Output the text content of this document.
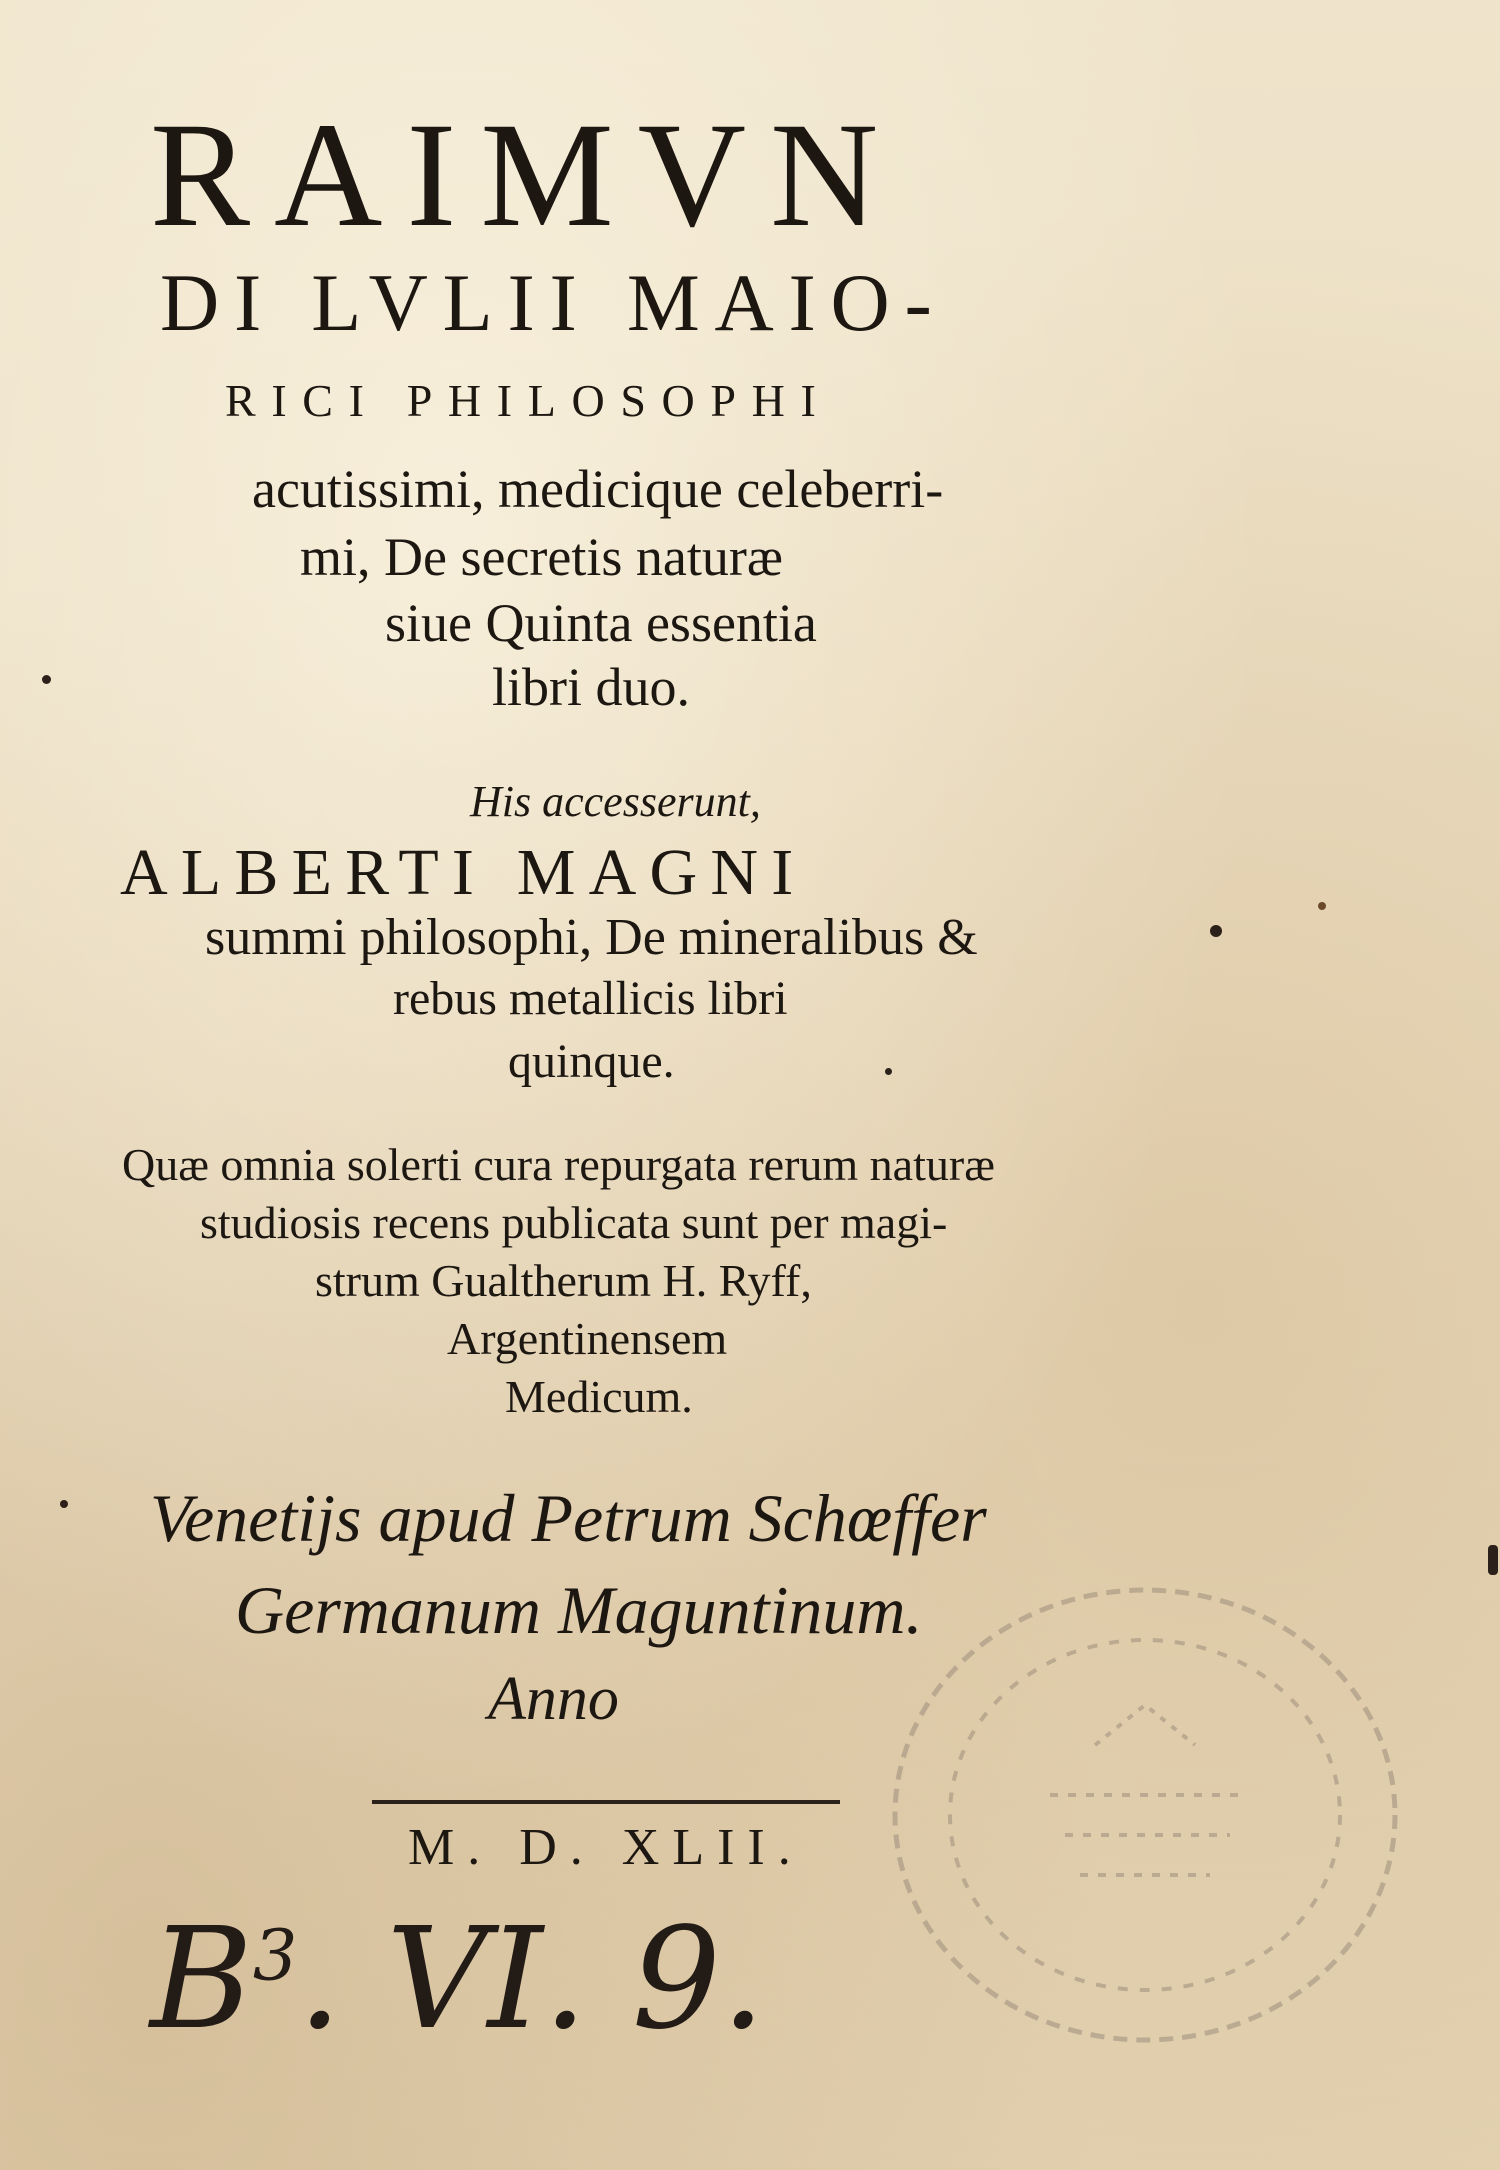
RAIMVN
DI LVLII MAIO-
RICI PHILOSOPHI
acutissimi, medicique celeberri-
mi, De secretis naturæ
siue Quinta essentia
libri duo.
His accesserunt,
ALBERTI MAGNI
summi philosophi, De mineralibus &
rebus metallicis libri
quinque.
Quæ omnia solerti cura repurgata rerum naturæ
studiosis recens publicata sunt per magi-
strum Gualtherum H. Ryff,
Argentinensem
Medicum.
Venetijs apud Petrum Schœffer
Germanum Maguntinum.
Anno
M. D. XLII.
$B^3$. VI. 9.
